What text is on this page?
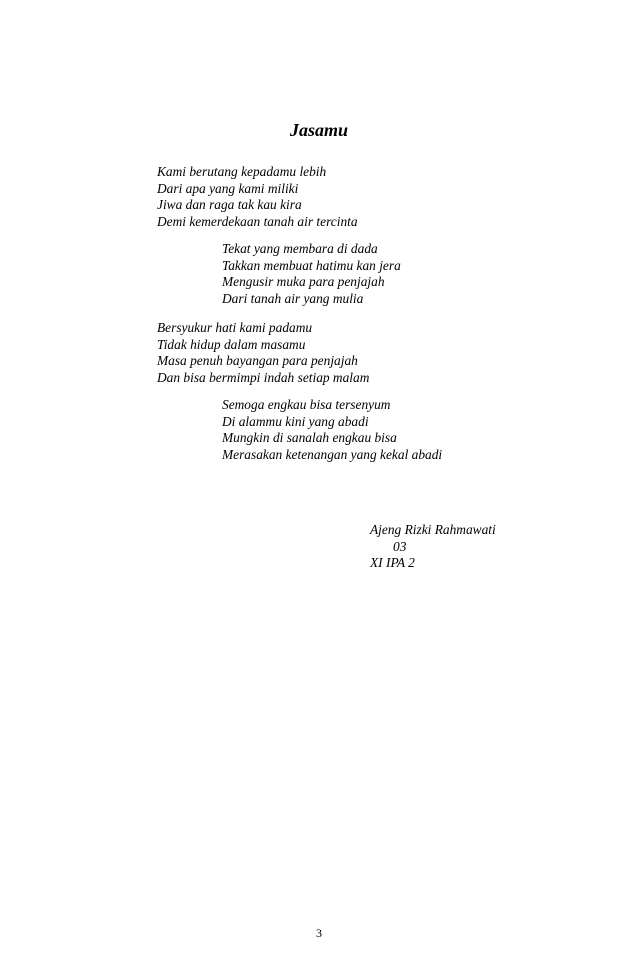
Jasamu
Kami berutang kepadamu lebih
Dari apa yang kami miliki
Jiwa dan raga tak kau kira
Demi kemerdekaan tanah air tercinta
Tekat yang membara di dada
Takkan membuat hatimu kan jera
Mengusir muka para penjajah
Dari tanah air yang mulia
Bersyukur hati kami padamu
Tidak hidup dalam masamu
Masa penuh bayangan para penjajah
Dan bisa bermimpi indah setiap malam
Semoga engkau bisa tersenyum
Di alammu kini yang abadi
Mungkin di sanalah engkau bisa
Merasakan ketenangan yang kekal abadi
Ajeng Rizki Rahmawati
03
XI IPA 2
3
